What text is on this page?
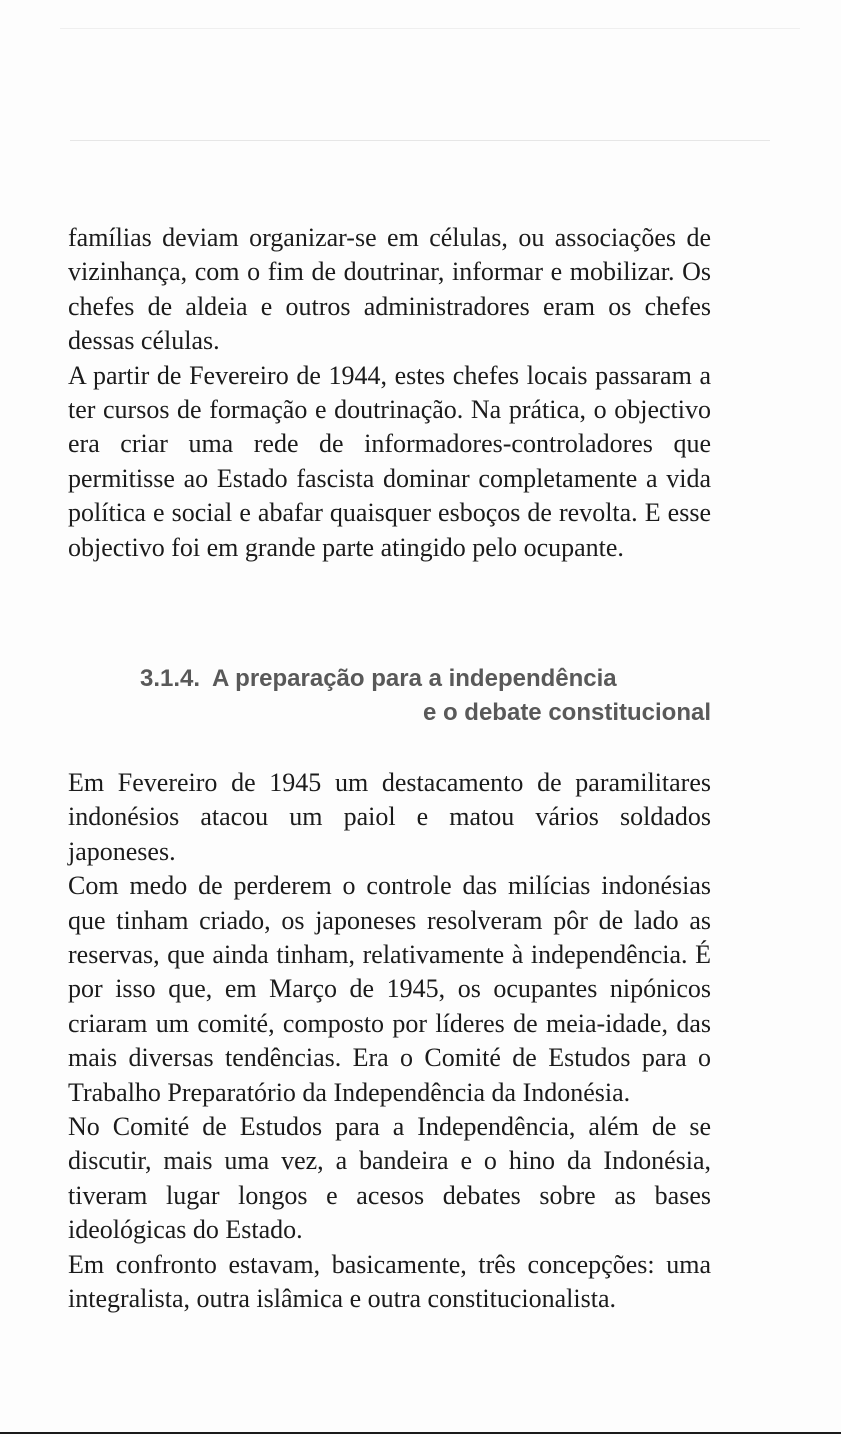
famílias deviam organizar-se em células, ou associações de vizinhança, com o fim de doutrinar, informar e mobilizar. Os chefes de aldeia e outros administradores eram os chefes dessas células.

A partir de Fevereiro de 1944, estes chefes locais passaram a ter cursos de formação e doutrinação. Na prática, o objectivo era criar uma rede de informadores-controladores que permitisse ao Estado fascista dominar completamente a vida política e social e abafar quaisquer esboços de revolta. E esse objectivo foi em grande parte atingido pelo ocupante.

3.1.4. A preparação para a independência
e o debate constitucional

Em Fevereiro de 1945 um destacamento de paramilitares indonésios atacou um paiol e matou vários soldados japoneses.

Com medo de perderem o controle das milícias indonésias que tinham criado, os japoneses resolveram pôr de lado as reservas, que ainda tinham, relativamente à independência. É por isso que, em Março de 1945, os ocupantes nipónicos criaram um comité, composto por líderes de meia-idade, das mais diversas tendências. Era o Comité de Estudos para o Trabalho Preparatório da Independência da Indonésia.

No Comité de Estudos para a Independência, além de se discutir, mais uma vez, a bandeira e o hino da Indonésia, tiveram lugar longos e acesos debates sobre as bases ideológicas do Estado.

Em confronto estavam, basicamente, três concepções: uma integralista, outra islâmica e outra constitucionalista.
